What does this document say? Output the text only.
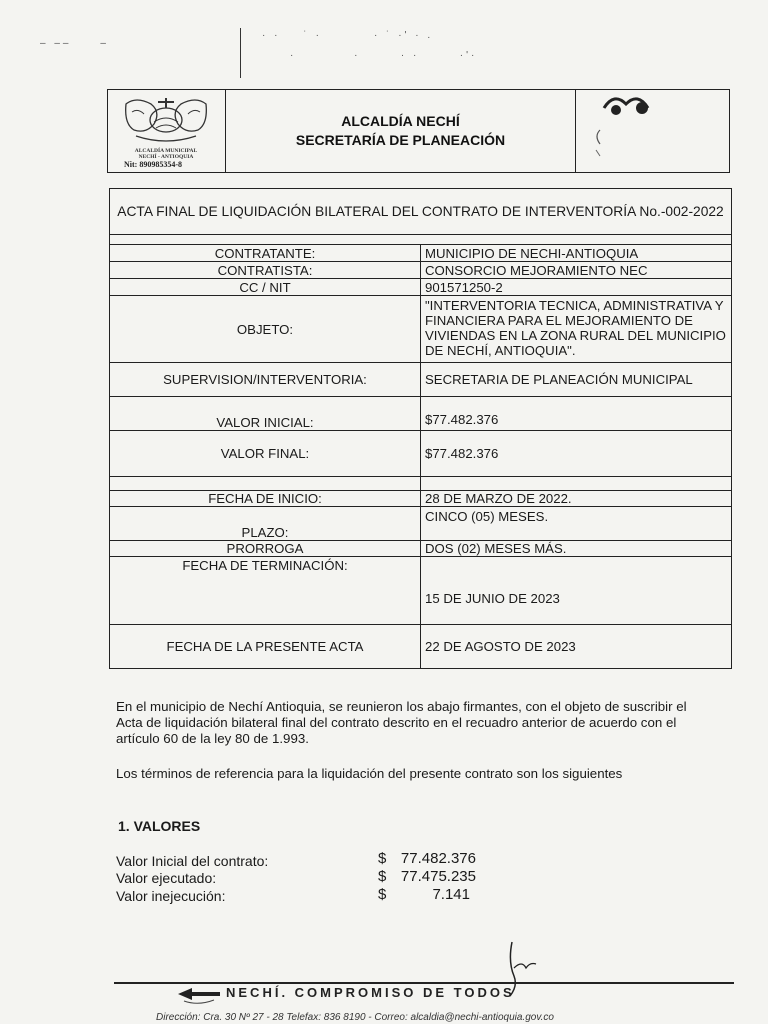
– ––     –
· ·    ˙ ·         · ˙ ·' · .
·          ·       · ·       ·'·
ALCALDÍA MUNICIPAL
NECHÍ - ANTIOQUIA
Nit: 890985354-8
ALCALDÍA NECHÍ
SECRETARÍA DE PLANEACIÓN
ACTA FINAL DE LIQUIDACIÓN BILATERAL DEL CONTRATO DE INTERVENTORÍA No.-002-2022	

CONTRATANTE:	MUNICIPIO DE NECHI-ANTIOQUIA
CONTRATISTA:	CONSORCIO MEJORAMIENTO NEC
CC / NIT	901571250-2
OBJETO:	"INTERVENTORIA TECNICA, ADMINISTRATIVA Y FINANCIERA PARA EL MEJORAMIENTO DE VIVIENDAS EN LA ZONA RURAL DEL MUNICIPIO DE NECHÍ, ANTIOQUIA".
SUPERVISION/INTERVENTORIA:	SECRETARIA DE PLANEACIÓN MUNICIPAL
VALOR INICIAL:	$77.482.376
VALOR FINAL:	$77.482.376

FECHA DE INICIO:	28 DE MARZO DE 2022.
PLAZO:	CINCO (05) MESES.
PRORROGA	DOS (02) MESES MÁS.
FECHA DE TERMINACIÓN:	15 DE JUNIO DE 2023
FECHA DE LA PRESENTE ACTA	22 DE AGOSTO DE 2023
En el municipio de Nechí Antioquia, se reunieron los abajo firmantes, con el objeto de suscribir el Acta de liquidación bilateral final del contrato descrito en el recuadro anterior de acuerdo con el artículo 60 de la ley 80 de 1.993.
Los términos de referencia para la liquidación del presente contrato son los siguientes
1. VALORES
Valor Inicial del contrato:	$ 77.482.376
Valor ejecutado:	$ 77.475.235
Valor inejecución:	$	7.141
NECHÍ. COMPROMISO DE TODOS
Dirección: Cra. 30 Nº 27 - 28 Telefax: 836 8190 - Correo: alcaldia@nechi-antioquia.gov.co
